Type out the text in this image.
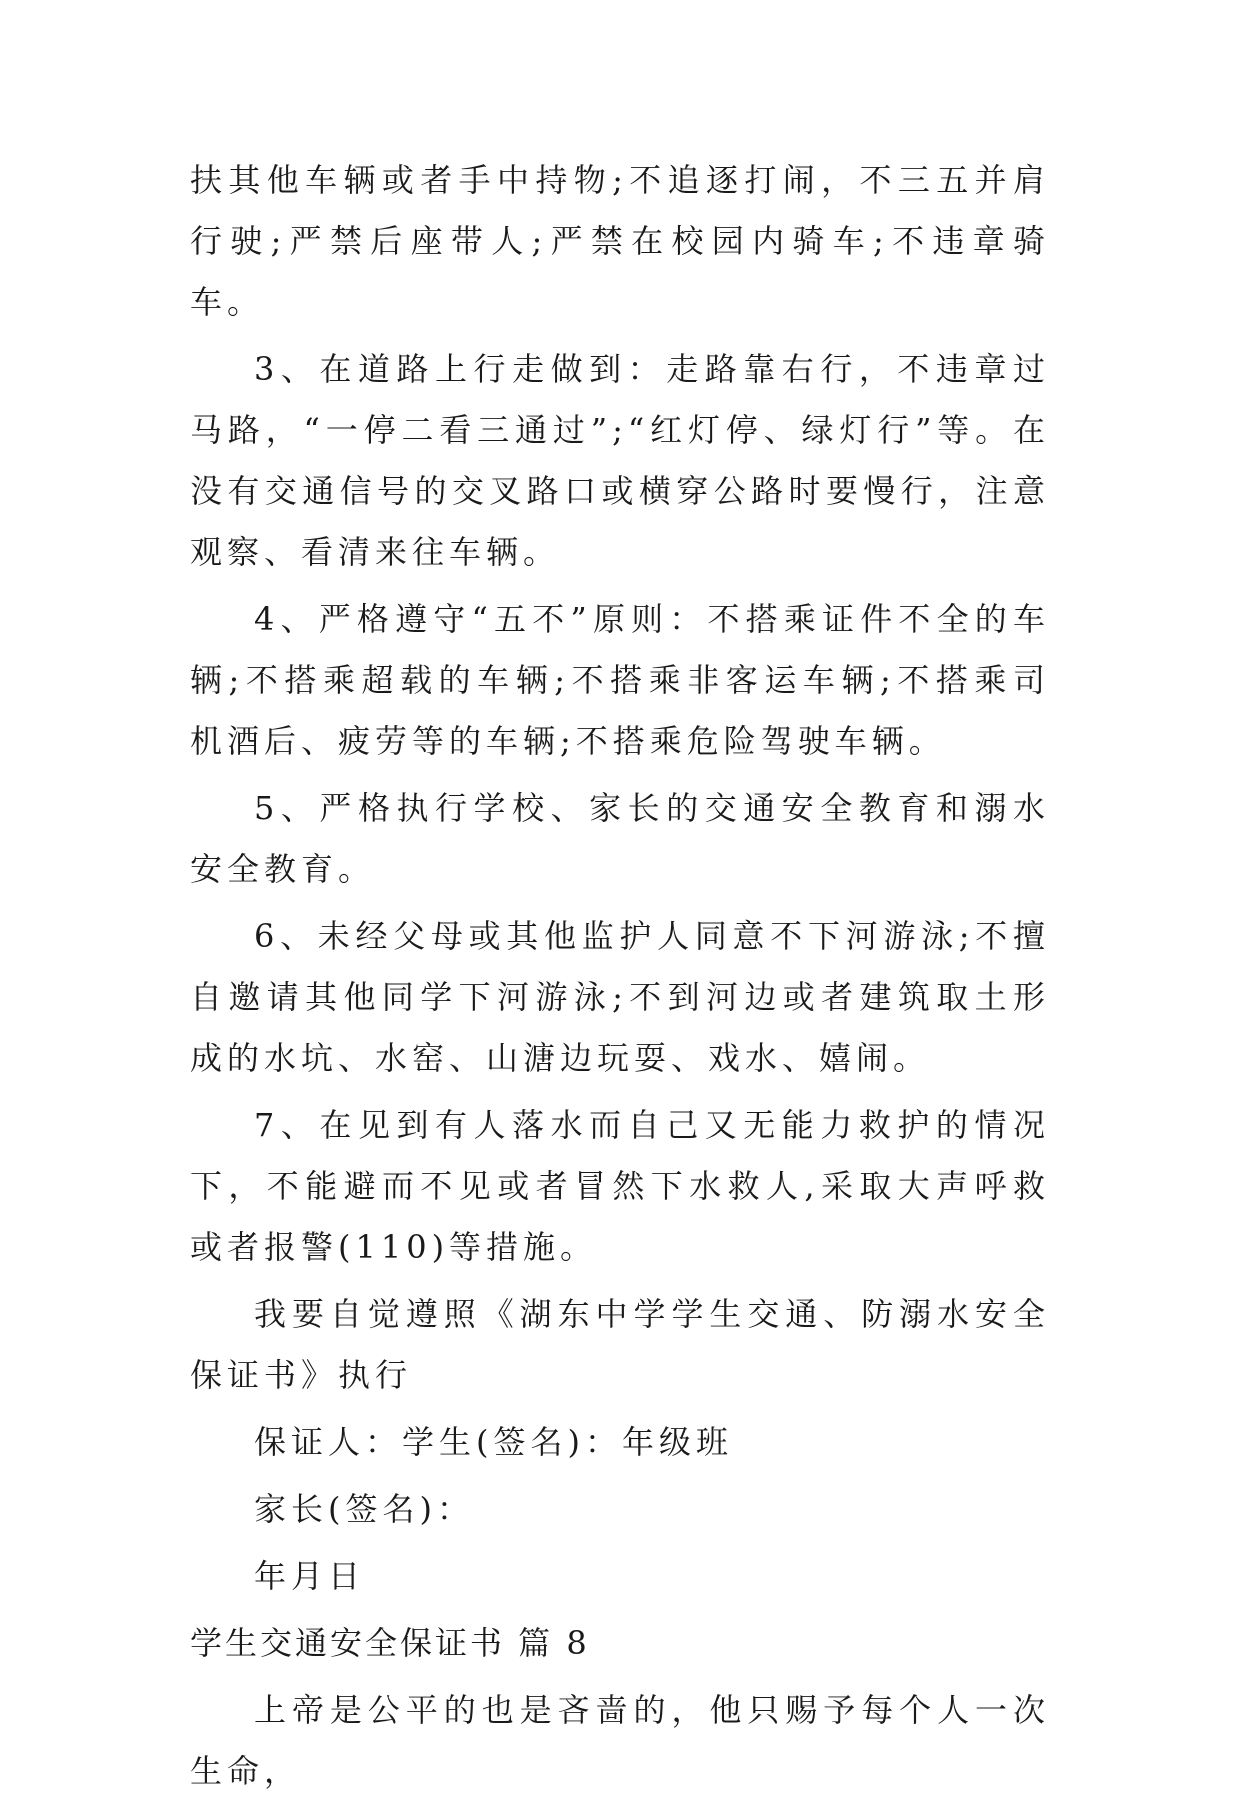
扶其他车辆或者手中持物;不追逐打闹，不三五并肩行驶;严禁后座带人;严禁在校园内骑车;不违章骑车。

3、在道路上行走做到：走路靠右行，不违章过马路，“一停二看三通过”;“红灯停、绿灯行”等。在没有交通信号的交叉路口或横穿公路时要慢行，注意观察、看清来往车辆。

4、严格遵守“五不”原则：不搭乘证件不全的车辆;不搭乘超载的车辆;不搭乘非客运车辆;不搭乘司机酒后、疲劳等的车辆;不搭乘危险驾驶车辆。

5、严格执行学校、家长的交通安全教育和溺水安全教育。

6、未经父母或其他监护人同意不下河游泳;不擅自邀请其他同学下河游泳;不到河边或者建筑取土形成的水坑、水窑、山溏边玩耍、戏水、嬉闹。

7、在见到有人落水而自己又无能力救护的情况下，不能避而不见或者冒然下水救人,采取大声呼救或者报警(110)等措施。

我要自觉遵照《湖东中学学生交通、防溺水安全保证书》执行

保证人：学生(签名)：年级班

家长(签名)：

年月日

学生交通安全保证书 篇 8

上帝是公平的也是吝啬的，他只赐予每个人一次生命，
